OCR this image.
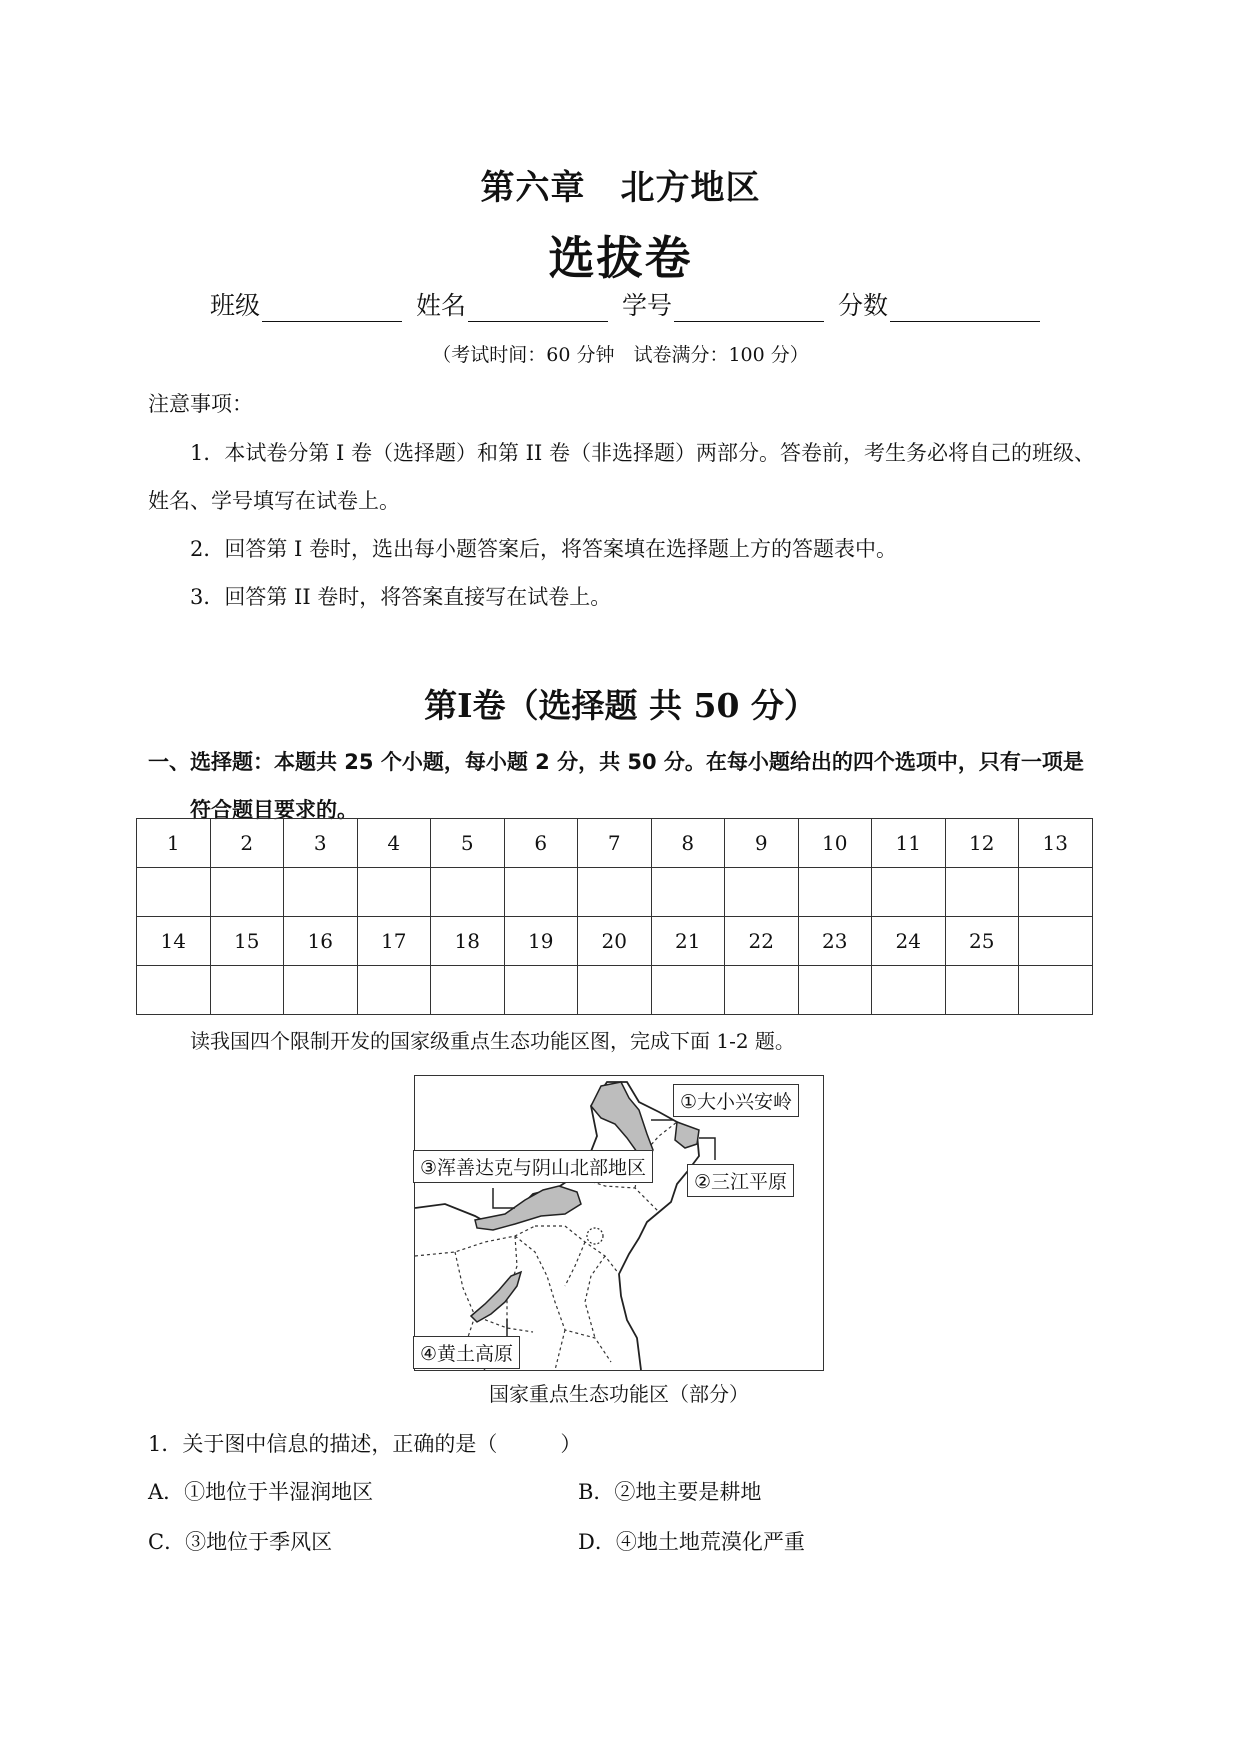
第六章　北方地区
选拔卷
班级	姓名	学号	分数
（考试时间：60 分钟　试卷满分：100 分）
注意事项：
1．本试卷分第 I 卷（选择题）和第 II 卷（非选择题）两部分。答卷前，考生务必将自己的班级、姓名、学号填写在试卷上。
2．回答第 I 卷时，选出每小题答案后，将答案填在选择题上方的答题表中。
3．回答第 II 卷时，将答案直接写在试卷上。
第I卷（选择题 共 50 分）
一、选择题：本题共 25 个小题，每小题 2 分，共 50 分。在每小题给出的四个选项中，只有一项是
符合题目要求的。
1	2	3	4	5	6	7	8	9	10	11	12	13

14	15	16	17	18	19	20	21	22	23	24	25	

读我国四个限制开发的国家级重点生态功能区图，完成下面 1-2 题。
①大小兴安岭
②三江平原
③浑善达克与阴山北部地区
④黄土高原
国家重点生态功能区（部分）
1．关于图中信息的描述，正确的是（　　　）
A．①地位于半湿润地区	B．②地主要是耕地
C．③地位于季风区	D．④地土地荒漠化严重
